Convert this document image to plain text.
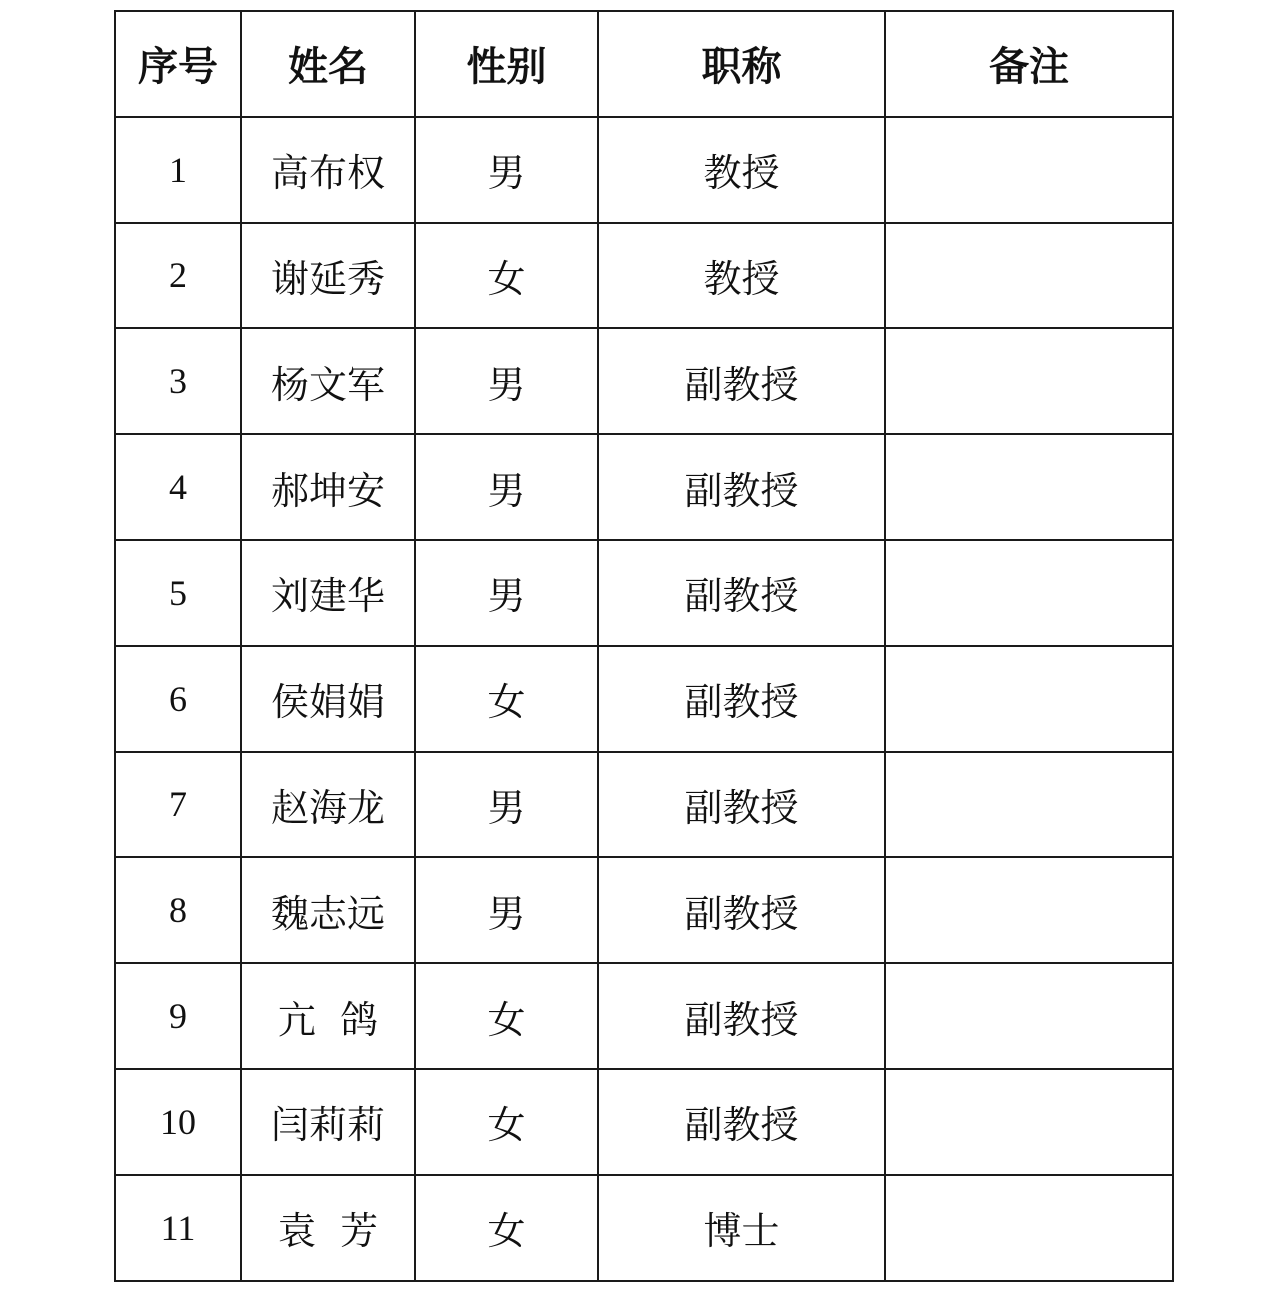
序号	姓名	性别	职称	备注
1	高布权	男	教授	
2	谢延秀	女	教授	
3	杨文军	男	副教授	
4	郝坤安	男	副教授	
5	刘建华	男	副教授	
6	侯娟娟	女	副教授	
7	赵海龙	男	副教授	
8	魏志远	男	副教授	
9	亢  鸽	女	副教授	
10	闫莉莉	女	副教授	
11	袁  芳	女	博士	
